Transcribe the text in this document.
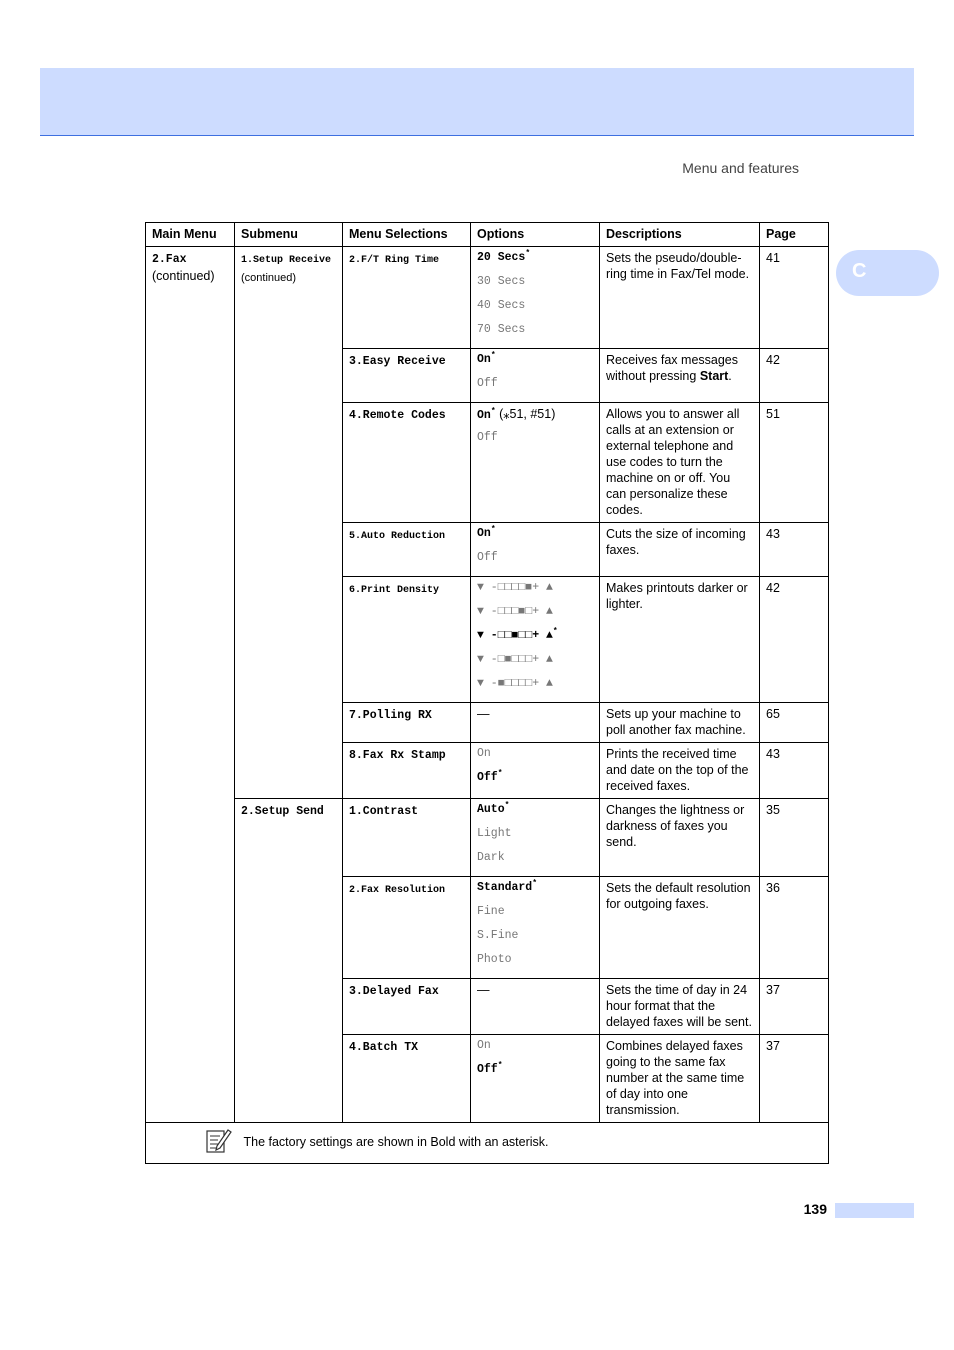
Menu and features
C
Main Menu	Submenu	Menu Selections	Options	Descriptions	Page
2.Fax
(continued)	1.Setup Receive
(continued)	2.F/T Ring Time	20 Secs*
30 Secs
40 Secs
70 Secs	Sets the pseudo/double-ring time in Fax/Tel mode.	41
		3.Easy Receive	On*
Off	Receives fax messages without pressing Start.	42
		4.Remote Codes	On* (⁎51, #51)
Off	Allows you to answer all calls at an extension or external telephone and use codes to turn the machine on or off. You can personalize these codes.	51
		5.Auto Reduction	On*
Off	Cuts the size of incoming faxes.	43
		6.Print Density	▼ -□□□□■+ ▲
▼ -□□□■□+ ▲
▼ -□□■□□+ ▲*
▼ -□■□□□+ ▲
▼ -■□□□□+ ▲	Makes printouts darker or lighter.	42
		7.Polling RX	—	Sets up your machine to poll another fax machine.	65
		8.Fax Rx Stamp	On
Off*	Prints the received time and date on the top of the received faxes.	43
	2.Setup Send	1.Contrast	Auto*
Light
Dark	Changes the lightness or darkness of faxes you send.	35
		2.Fax Resolution	Standard*
Fine
S.Fine
Photo	Sets the default resolution for outgoing faxes.	36
		3.Delayed Fax	—	Sets the time of day in 24 hour format that the delayed faxes will be sent.	37
		4.Batch TX	On
Off*	Combines delayed faxes going to the same fax number at the same time of day into one transmission.	37
The factory settings are shown in Bold with an asterisk.					
139
